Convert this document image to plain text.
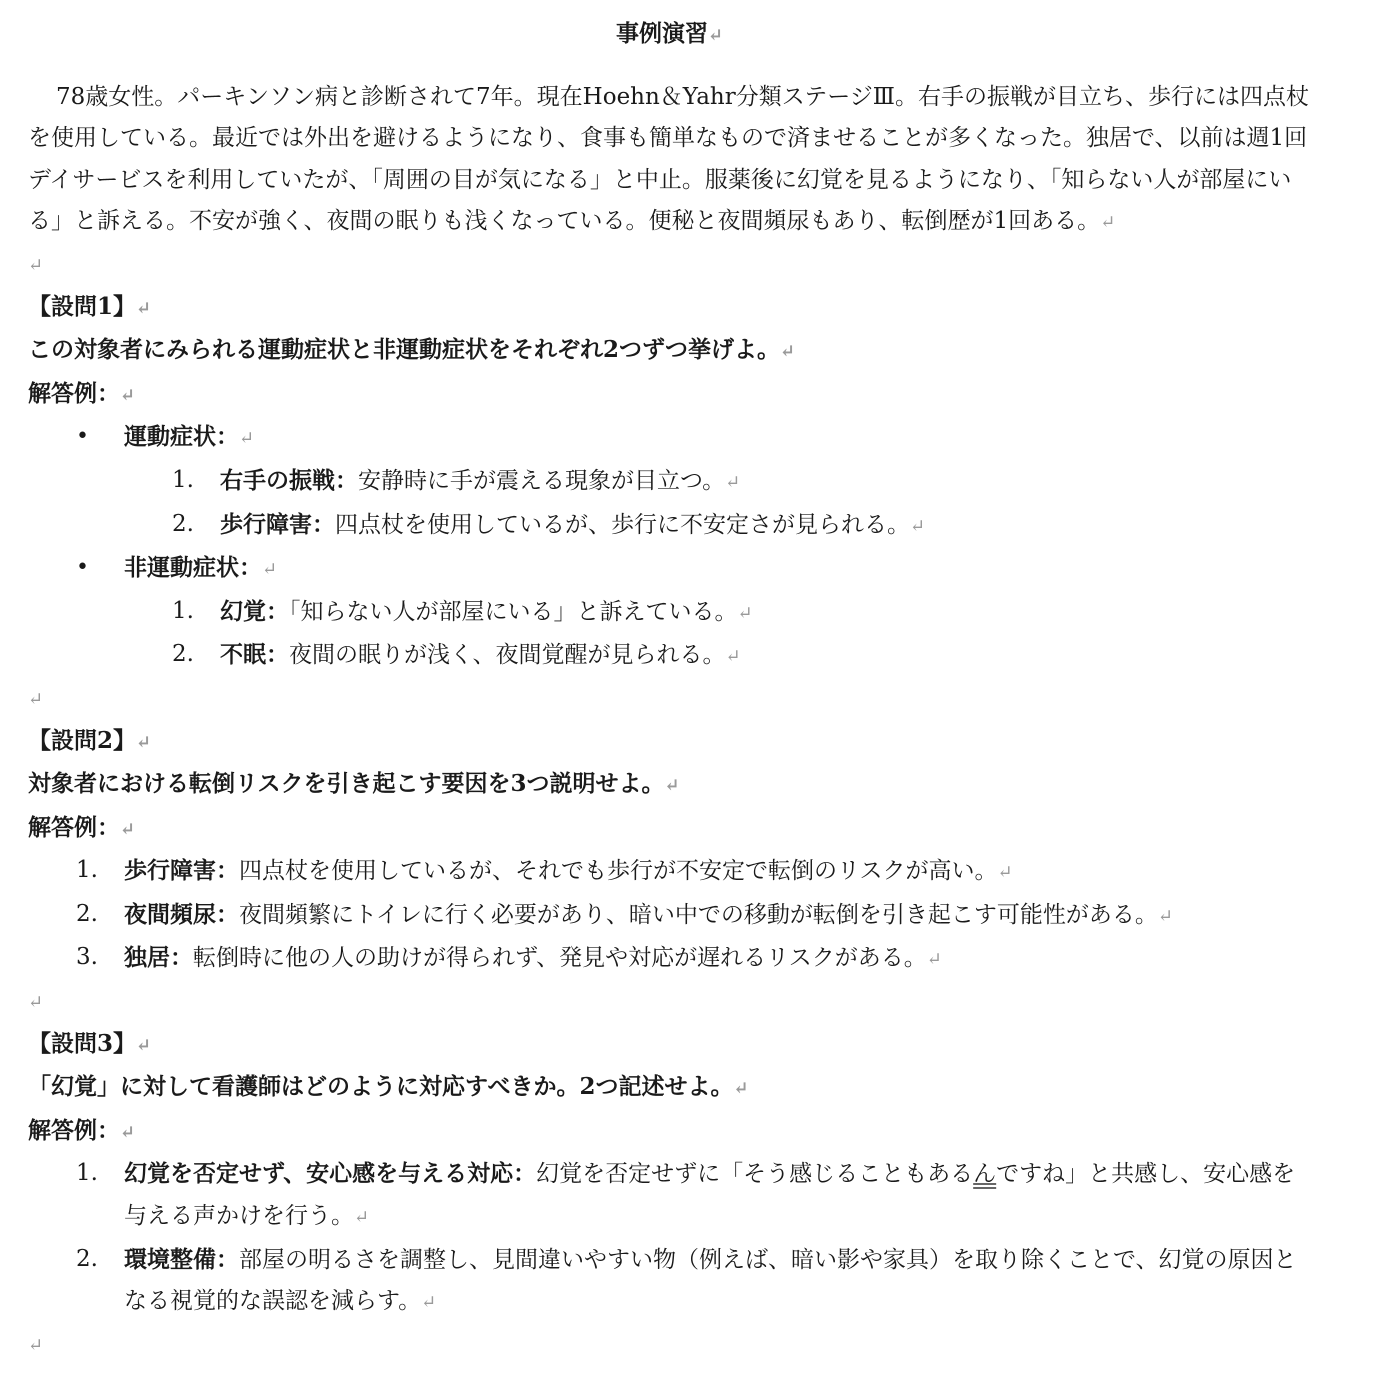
事例演習↵

78歳女性。パーキンソン病と診断されて7年。現在Hoehn＆Yahr分類ステージⅢ。右手の振戦が目立ち、歩行には四点杖を使用している。最近では外出を避けるようになり、食事も簡単なもので済ませることが多くなった。独居で、以前は週1回デイサービスを利用していたが、「周囲の目が気になる」と中止。服薬後に幻覚を見るようになり、「知らない人が部屋にいる」と訴える。不安が強く、夜間の眠りも浅くなっている。便秘と夜間頻尿もあり、転倒歴が1回ある。↵

↵
【設問1】↵
この対象者にみられる運動症状と非運動症状をそれぞれ2つずつ挙げよ。↵
解答例：↵
• 運動症状：↵
1. 右手の振戦：安静時に手が震える現象が目立つ。↵
2. 歩行障害：四点杖を使用しているが、歩行に不安定さが見られる。↵
• 非運動症状：↵
1. 幻覚：「知らない人が部屋にいる」と訴えている。↵
2. 不眠：夜間の眠りが浅く、夜間覚醒が見られる。↵
↵
【設問2】↵
対象者における転倒リスクを引き起こす要因を3つ説明せよ。↵
解答例：↵
1. 歩行障害：四点杖を使用しているが、それでも歩行が不安定で転倒のリスクが高い。↵
2. 夜間頻尿：夜間頻繁にトイレに行く必要があり、暗い中での移動が転倒を引き起こす可能性がある。↵
3. 独居：転倒時に他の人の助けが得られず、発見や対応が遅れるリスクがある。↵
↵
【設問3】↵
「幻覚」に対して看護師はどのように対応すべきか。2つ記述せよ。↵
解答例：↵
1. 幻覚を否定せず、安心感を与える対応：幻覚を否定せずに「そう感じることもあるんですね」と共感し、安心感を与える声かけを行う。↵
2. 環境整備：部屋の明るさを調整し、見間違いやすい物（例えば、暗い影や家具）を取り除くことで、幻覚の原因となる視覚的な誤認を減らす。↵
↵
